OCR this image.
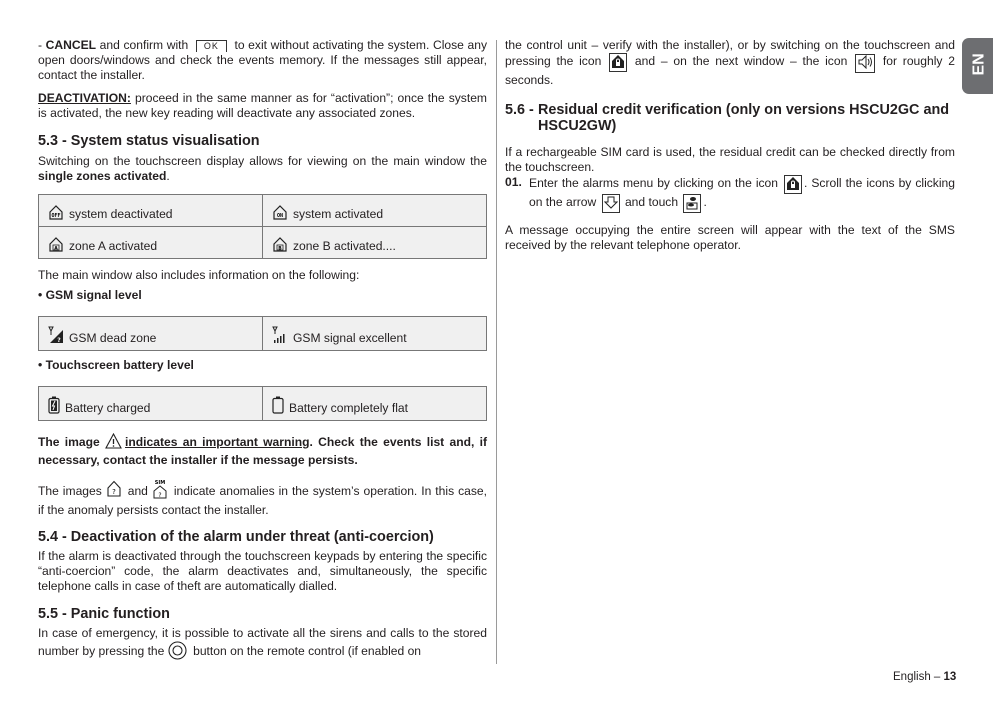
EN

- CANCEL and confirm with OK to exit without activating the system. Close any open doors/windows and check the events memory. If the messages still appear, contact the installer.

DEACTIVATION: proceed in the same manner as for “activation”; once the system is activated, the new key reading will deactivate any associated zones.

5.3 - System status visualisation

Switching on the touchscreen display allows for viewing on the main window the single zones activated.

OFF system deactivated	ON system activated

A zone A activated	B zone B activated....

The main window also includes information on the following:

• GSM signal level

? GSM dead zone	GSM signal excellent

• Touchscreen battery level

Battery charged	Battery completely flat

The image indicates an important warning. Check the events list and, if necessary, contact the installer if the message persists.

The images ? and
SIM
? indicate anomalies in the system’s operation. In this case, if the anomaly persists contact the installer.

5.4 - Deactivation of the alarm under threat (anti-coercion)

If the alarm is deactivated through the touchscreen keypads by entering the specific “anti-coercion” code, the alarm deactivates and, simultaneously, the specific telephone calls in case of theft are automatically dialled.

5.5 - Panic function

In case of emergency, it is possible to activate all the sirens and calls to the stored number by pressing the  button on the remote control (if enabled on

the control unit – verify with the installer), or by switching on the touchscreen and pressing the icon  and – on the next window – the icon  for roughly 2 seconds.

5.6 - Residual credit verification (only on versions HSCU2GC and HSCU2GW)

If a rechargeable SIM card is used, the residual credit can be checked directly from the touchscreen.

01. Enter the alarms menu by clicking on the icon . Scroll the icons by clicking on the arrow  and touch .

A message occupying the entire screen will appear with the text of the SMS received by the relevant telephone operator.

English – 13
